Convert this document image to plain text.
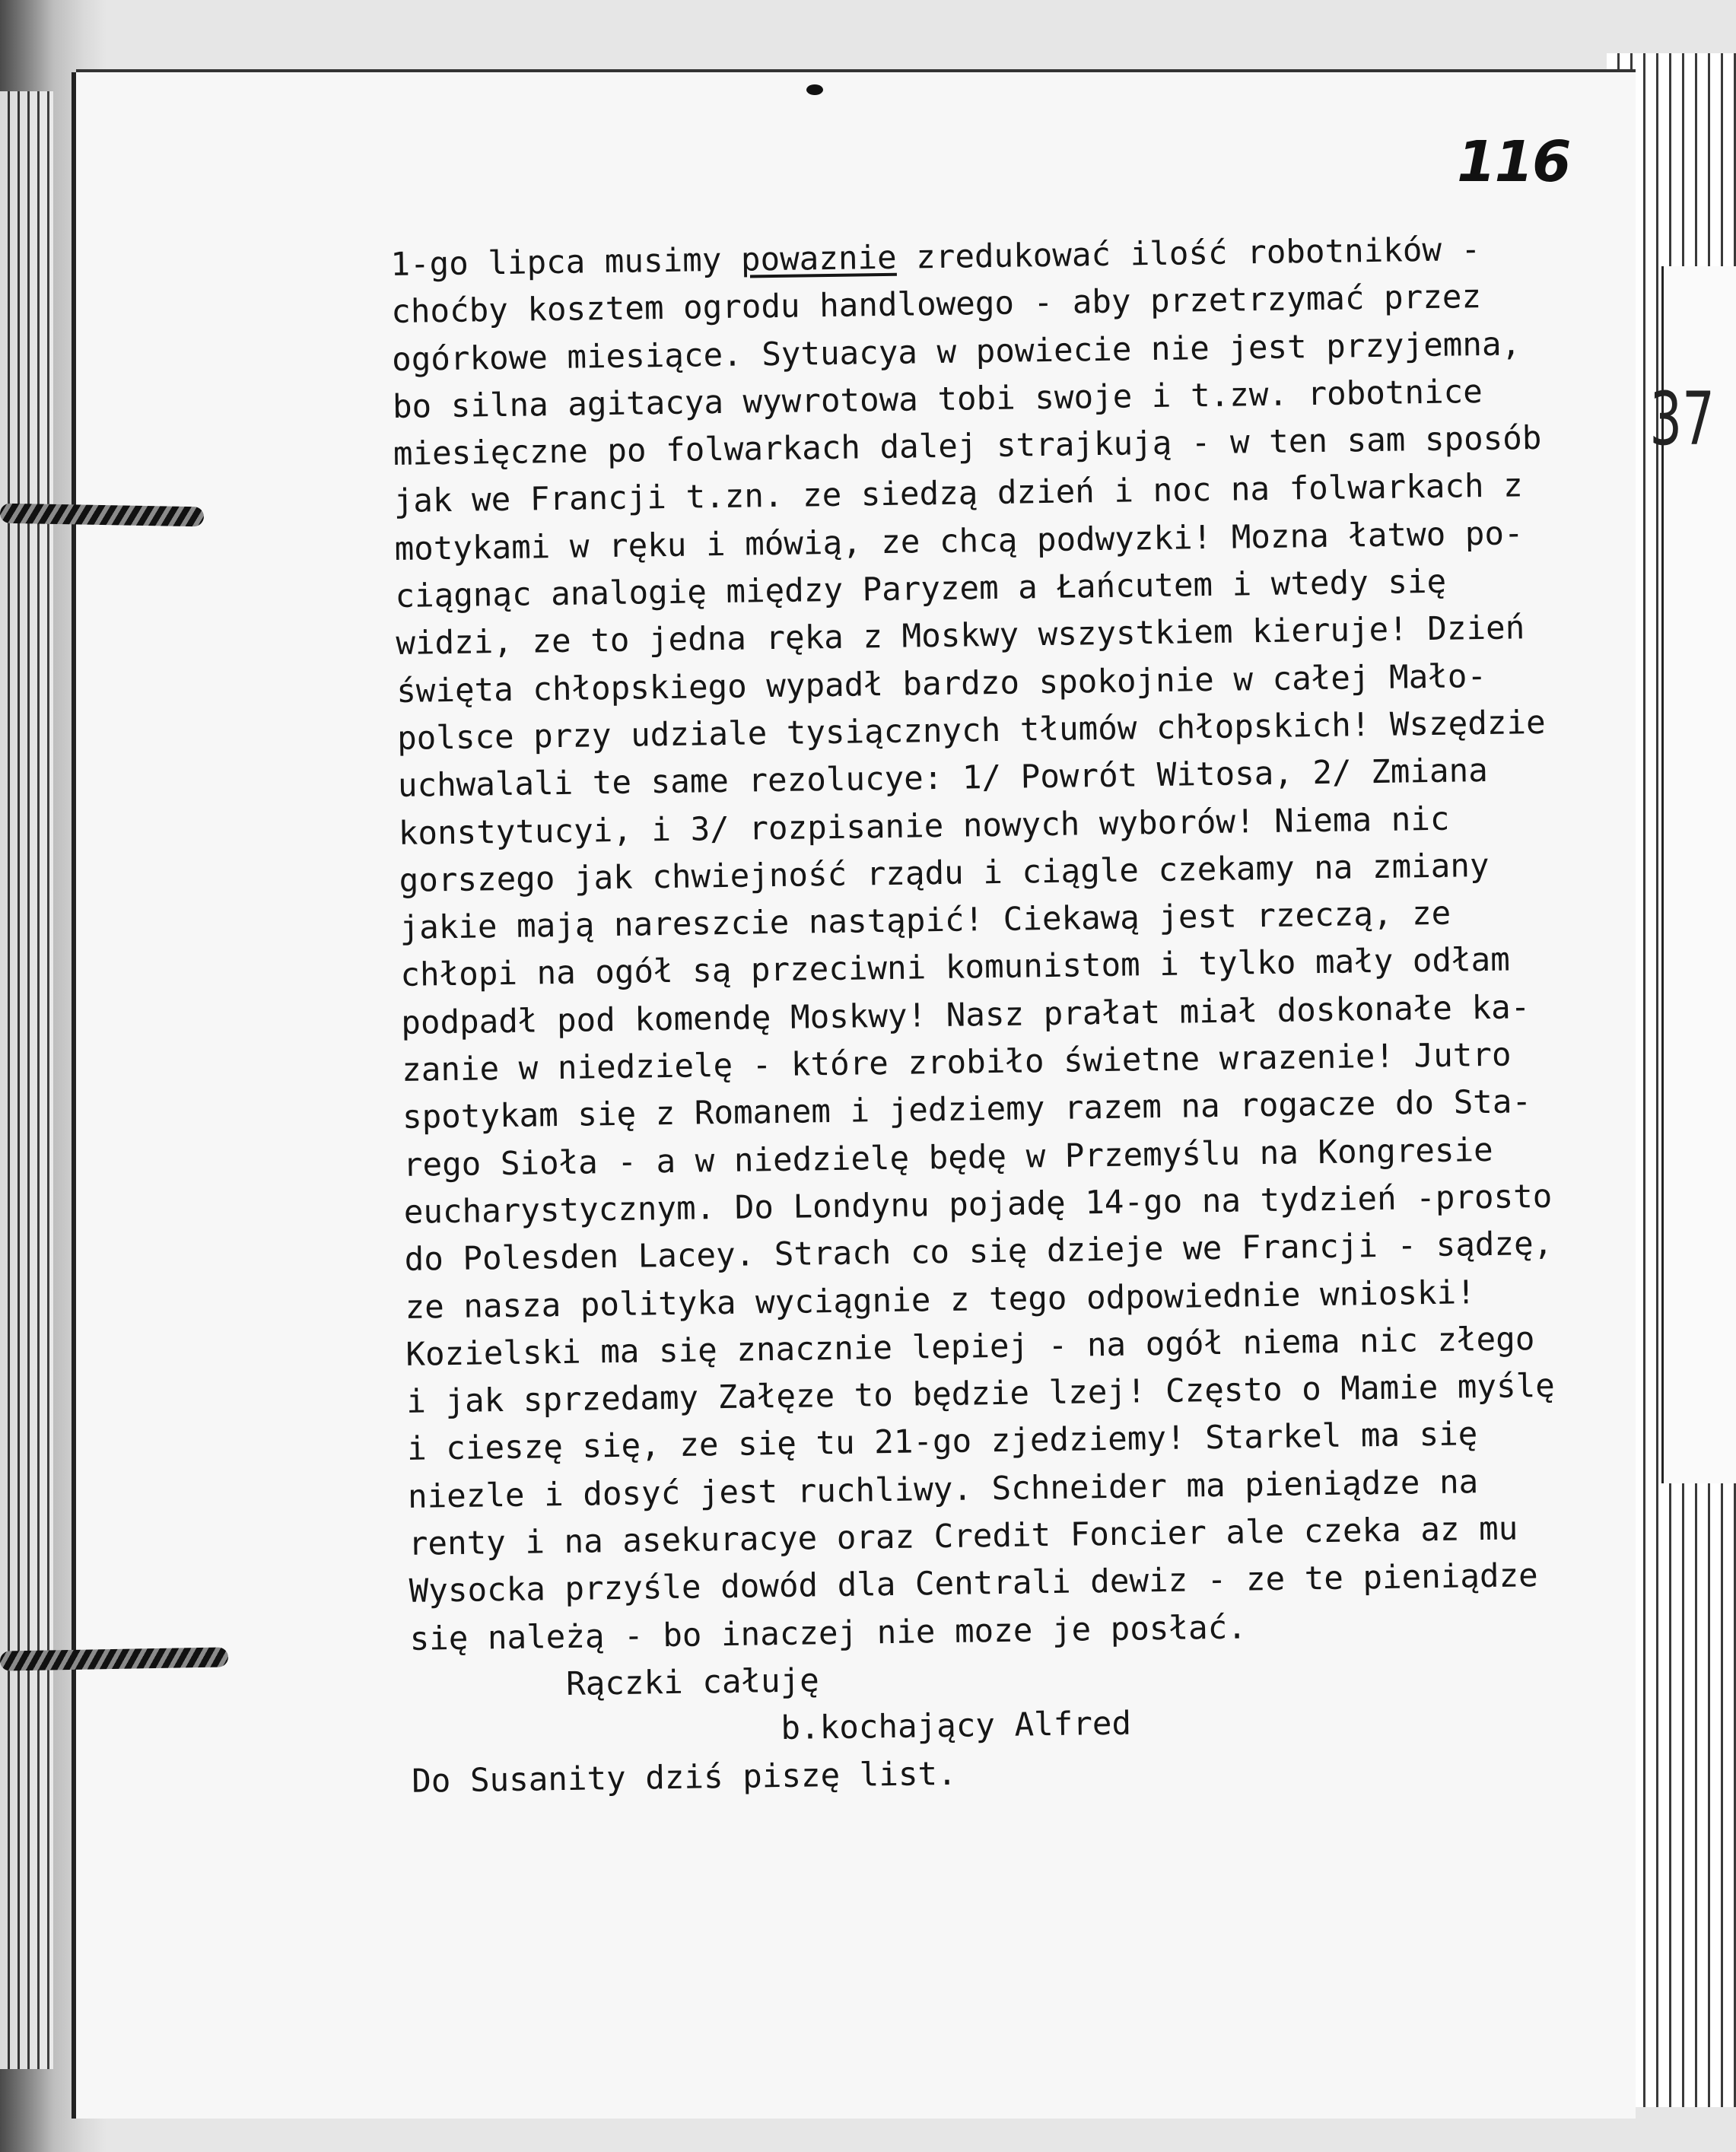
37
116
1-go lipca musimy powaznie zredukować ilość robotników -
choćby kosztem ogrodu handlowego - aby przetrzymać przez
ogórkowe miesiące. Sytuacya w powiecie nie jest przyjemna,
bo silna agitacya wywrotowa tobi swoje i t.zw. robotnice
miesięczne po folwarkach dalej strajkują - w ten sam sposób
jak we Francji t.zn. ze siedzą dzień i noc na folwarkach z
motykami w ręku i mówią, ze chcą podwyzki! Mozna łatwo po-
ciągnąc analogię między Paryzem a Łańcutem i wtedy się
widzi, ze to jedna ręka z Moskwy wszystkiem kieruje! Dzień
święta chłopskiego wypadł bardzo spokojnie w całej Mało-
polsce przy udziale tysiącznych tłumów chłopskich! Wszędzie
uchwalali te same rezolucye: 1/ Powrót Witosa, 2/ Zmiana
konstytucyi, i 3/ rozpisanie nowych wyborów! Niema nic
gorszego jak chwiejność rządu i ciągle czekamy na zmiany
jakie mają nareszcie nastąpić! Ciekawą jest rzeczą, ze
chłopi na ogół są przeciwni komunistom i tylko mały odłam
podpadł pod komendę Moskwy! Nasz prałat miał doskonałe ka-
zanie w niedzielę - które zrobiło świetne wrazenie! Jutro
spotykam się z Romanem i jedziemy razem na rogacze do Sta-
rego Sioła - a w niedzielę będę w Przemyślu na Kongresie
eucharystycznym. Do Londynu pojadę 14-go na tydzień -prosto
do Polesden Lacey. Strach co się dzieje we Francji - sądzę,
ze nasza polityka wyciągnie z tego odpowiednie wnioski!
Kozielski ma się znacznie lepiej - na ogół niema nic złego
i jak sprzedamy Załęze to będzie lzej! Często o Mamie myślę
i cieszę się, ze się tu 21-go zjedziemy! Starkel ma się
niezle i dosyć jest ruchliwy. Schneider ma pieniądze na
renty i na asekuracye oraz Credit Foncier ale czeka az mu
Wysocka przyśle dowód dla Centrali dewiz - ze te pieniądze
się należą - bo inaczej nie moze je posłać.
Rączki całuję
b.kochający Alfred
Do Susanity dziś piszę list.
